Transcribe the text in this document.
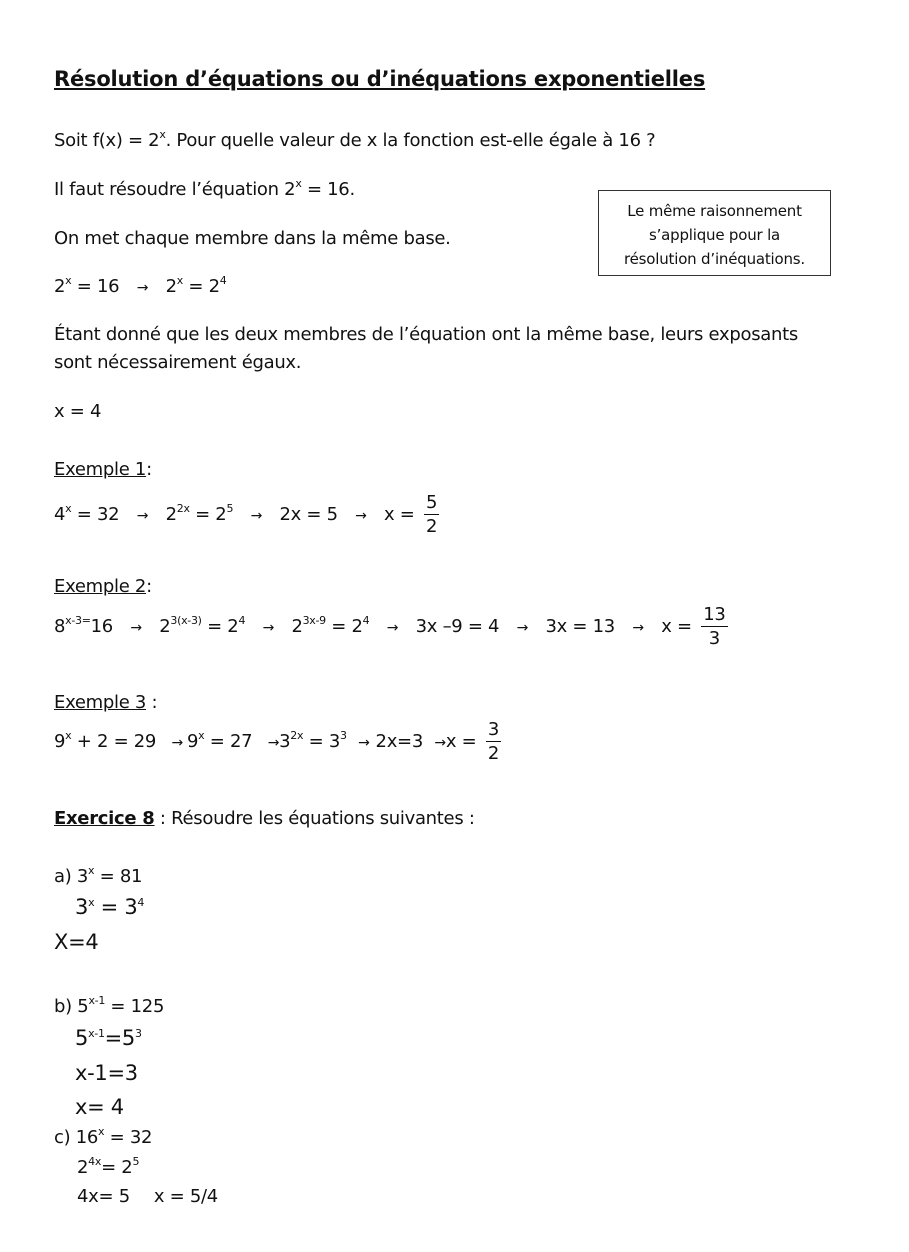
Résolution d’équations ou d’inéquations exponentielles
Soit $f(x) = 2^x$. Pour quelle valeur de x la fonction est-elle égale à 16 ?
Il faut résoudre l’équation $2^x = 16$.
Le même raisonnement
s’applique pour la
résolution d’inéquations.
On met chaque membre dans la même base.
$2^x = 16 \to 2^x = 2^4$
Étant donné que les deux membres de l’équation ont la même base, leurs exposants
sont nécessairement égaux.
x = 4
Exemple 1:
$4^x = 32 \to 2^{2x} = 2^5 \to 2x = 5 \to x = \frac{5}{2}$
Exemple 2:
$8^{x-3=}16 \to 2^{3(x-3)} = 2^4 \to 2^{3x-9} = 2^4 \to 3x$ $-9 = 4 \to 3x = 13 \to x = \frac{13}{3}$
Exemple 3 :
$9^x + 2 = 29 \to 9^x = 27 \to 3^{2x} = 3^3 \to 2x=3 \to x = \frac{3}{2}$
Exercice 8 : Résoudre les équations suivantes :
a) $3^x = 81$
$3^x = 3^4$
X=4
b) $5^{x-1} = 125$
$5^{x-1}=5^3$
x-1=3
x= 4
c) $16^x = 32$
$2^{4x}= 2^5$
4x= 5 x = 5/4
